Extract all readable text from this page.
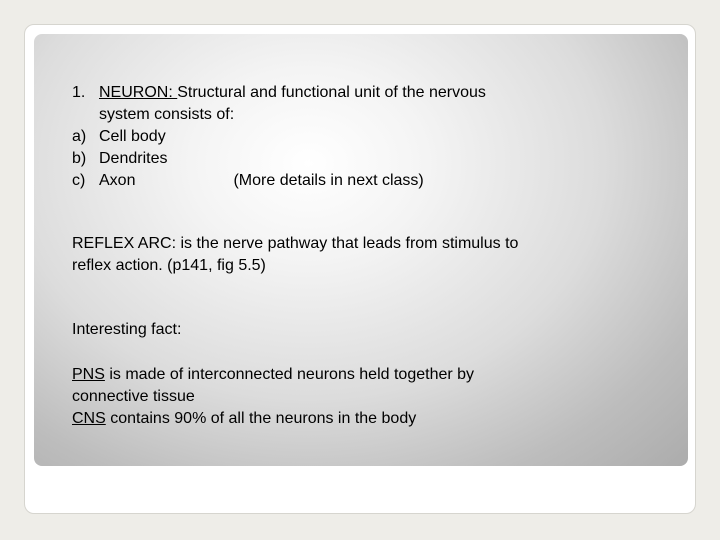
1. NEURON: Structural and functional unit of the nervous
system consists of:
a) Cell body
b) Dendrites
c) Axon	(More details in next class)
REFLEX ARC: is the nerve pathway that leads from stimulus to
reflex action. (p141, fig 5.5)
Interesting fact:
PNS is made of interconnected neurons held together by
connective tissue
CNS contains 90% of all the neurons in the body
